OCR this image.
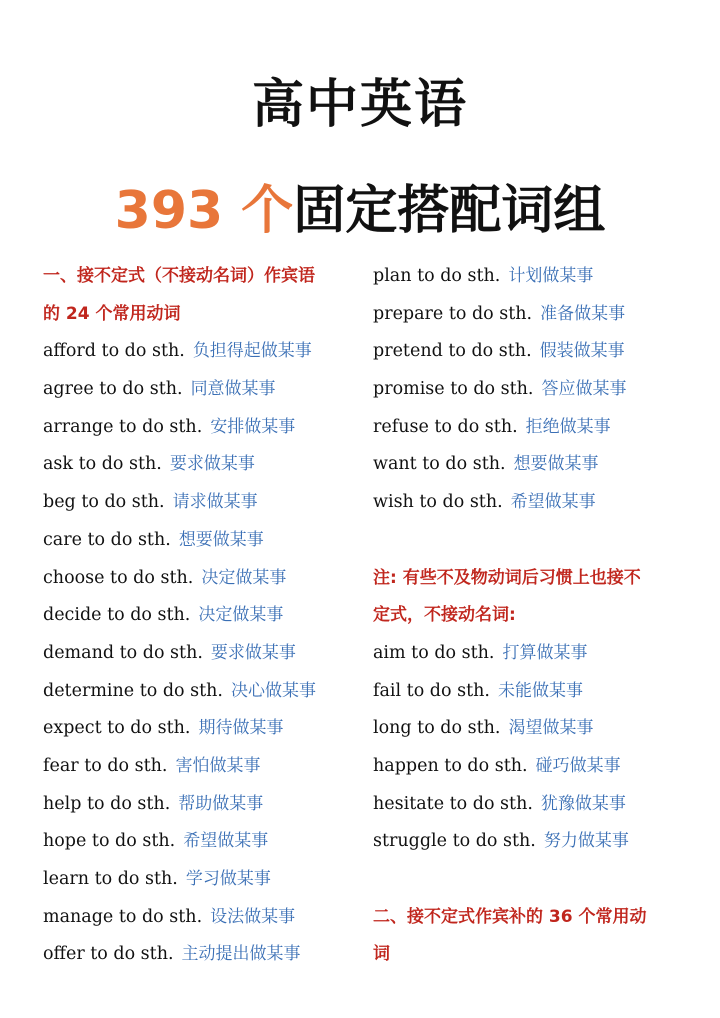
高中英语
393 个固定搭配词组
一、接不定式（不接动名词）作宾语
的 24 个常用动词
afford to do sth. 负担得起做某事
agree to do sth. 同意做某事
arrange to do sth. 安排做某事
ask to do sth. 要求做某事
beg to do sth. 请求做某事
care to do sth. 想要做某事
choose to do sth. 决定做某事
decide to do sth. 决定做某事
demand to do sth. 要求做某事
determine to do sth. 决心做某事
expect to do sth. 期待做某事
fear to do sth. 害怕做某事
help to do sth. 帮助做某事
hope to do sth. 希望做某事
learn to do sth. 学习做某事
manage to do sth. 设法做某事
offer to do sth. 主动提出做某事
plan to do sth. 计划做某事
prepare to do sth. 准备做某事
pretend to do sth. 假装做某事
promise to do sth. 答应做某事
refuse to do sth. 拒绝做某事
want to do sth. 想要做某事
wish to do sth. 希望做某事
注: 有些不及物动词后习惯上也接不
定式，不接动名词:
aim to do sth. 打算做某事
fail to do sth. 未能做某事
long to do sth. 渴望做某事
happen to do sth. 碰巧做某事
hesitate to do sth. 犹豫做某事
struggle to do sth. 努力做某事
二、接不定式作宾补的 36 个常用动
词
